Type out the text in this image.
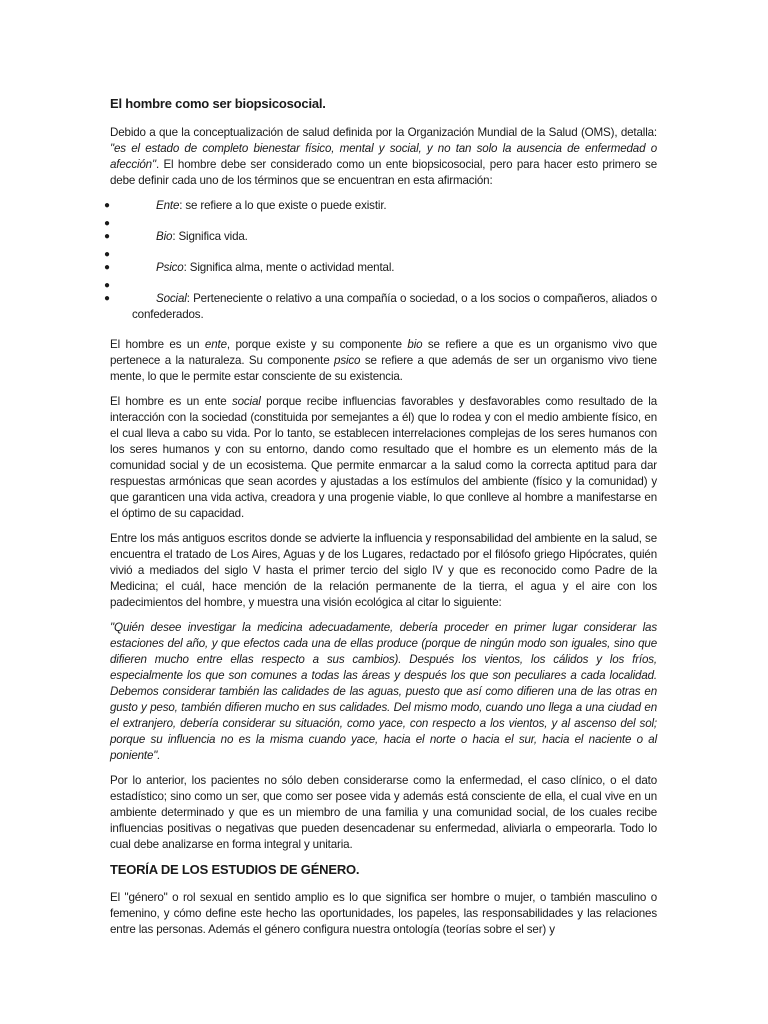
El hombre como ser biopsicosocial.

Debido a que la conceptualización de salud definida por la Organización Mundial de la Salud (OMS), detalla: "es el estado de completo bienestar físico, mental y social, y no tan solo la ausencia de enfermedad o afección". El hombre debe ser considerado como un ente biopsicosocial, pero para hacer esto primero se debe definir cada uno de los términos que se encuentran en esta afirmación:

●	Ente: se refiere a lo que existe o puede existir.
●
●	Bio: Significa vida.
●
●	Psico: Significa alma, mente o actividad mental.
●
●	Social: Perteneciente o relativo a una compañía o sociedad, o a los socios o compañeros, aliados o confederados.

El hombre es un ente, porque existe y su componente bio se refiere a que es un organismo vivo que pertenece a la naturaleza. Su componente psico se refiere a que además de ser un organismo vivo tiene mente, lo que le permite estar consciente de su existencia.

El hombre es un ente social porque recibe influencias favorables y desfavorables como resultado de la interacción con la sociedad (constituida por semejantes a él) que lo rodea y con el medio ambiente físico, en el cual lleva a cabo su vida. Por lo tanto, se establecen interrelaciones complejas de los seres humanos con los seres humanos y con su entorno, dando como resultado que el hombre es un elemento más de la comunidad social y de un ecosistema. Que permite enmarcar a la salud como la correcta aptitud para dar respuestas armónicas que sean acordes y ajustadas a los estímulos del ambiente (físico y la comunidad) y que garanticen una vida activa, creadora y una progenie viable, lo que conlleve al hombre a manifestarse en el óptimo de su capacidad.

Entre los más antiguos escritos donde se advierte la influencia y responsabilidad del ambiente en la salud, se encuentra el tratado de Los Aires, Aguas y de los Lugares, redactado por el filósofo griego Hipócrates, quién vivió a mediados del siglo V hasta el primer tercio del siglo IV y que es reconocido como Padre de la Medicina; el cuál, hace mención de la relación permanente de la tierra, el agua y el aire con los padecimientos del hombre, y muestra una visión ecológica al citar lo siguiente:

"Quién desee investigar la medicina adecuadamente, debería proceder en primer lugar considerar las estaciones del año, y que efectos cada una de ellas produce (porque de ningún modo son iguales, sino que difieren mucho entre ellas respecto a sus cambios). Después los vientos, los cálidos y los fríos, especialmente los que son comunes a todas las áreas y después los que son peculiares a cada localidad. Debemos considerar también las calidades de las aguas, puesto que así como difieren una de las otras en gusto y peso, también difieren mucho en sus calidades. Del mismo modo, cuando uno llega a una ciudad en el extranjero, debería considerar su situación, como yace, con respecto a los vientos, y al ascenso del sol; porque su influencia no es la misma cuando yace, hacia el norte o hacia el sur, hacia el naciente o al poniente".

Por lo anterior, los pacientes no sólo deben considerarse como la enfermedad, el caso clínico, o el dato estadístico; sino como un ser, que como ser posee vida y además está consciente de ella, el cual vive en un ambiente determinado y que es un miembro de una familia y una comunidad social, de los cuales recibe influencias positivas o negativas que pueden desencadenar su enfermedad, aliviarla o empeorarla. Todo lo cual debe analizarse en forma integral y unitaria.

TEORÍA DE LOS ESTUDIOS DE GÉNERO.

El "género" o rol sexual en sentido amplio es lo que significa ser hombre o mujer, o también masculino o femenino, y cómo define este hecho las oportunidades, los papeles, las responsabilidades y las relaciones entre las personas. Además el género configura nuestra ontología (teorías sobre el ser) y
